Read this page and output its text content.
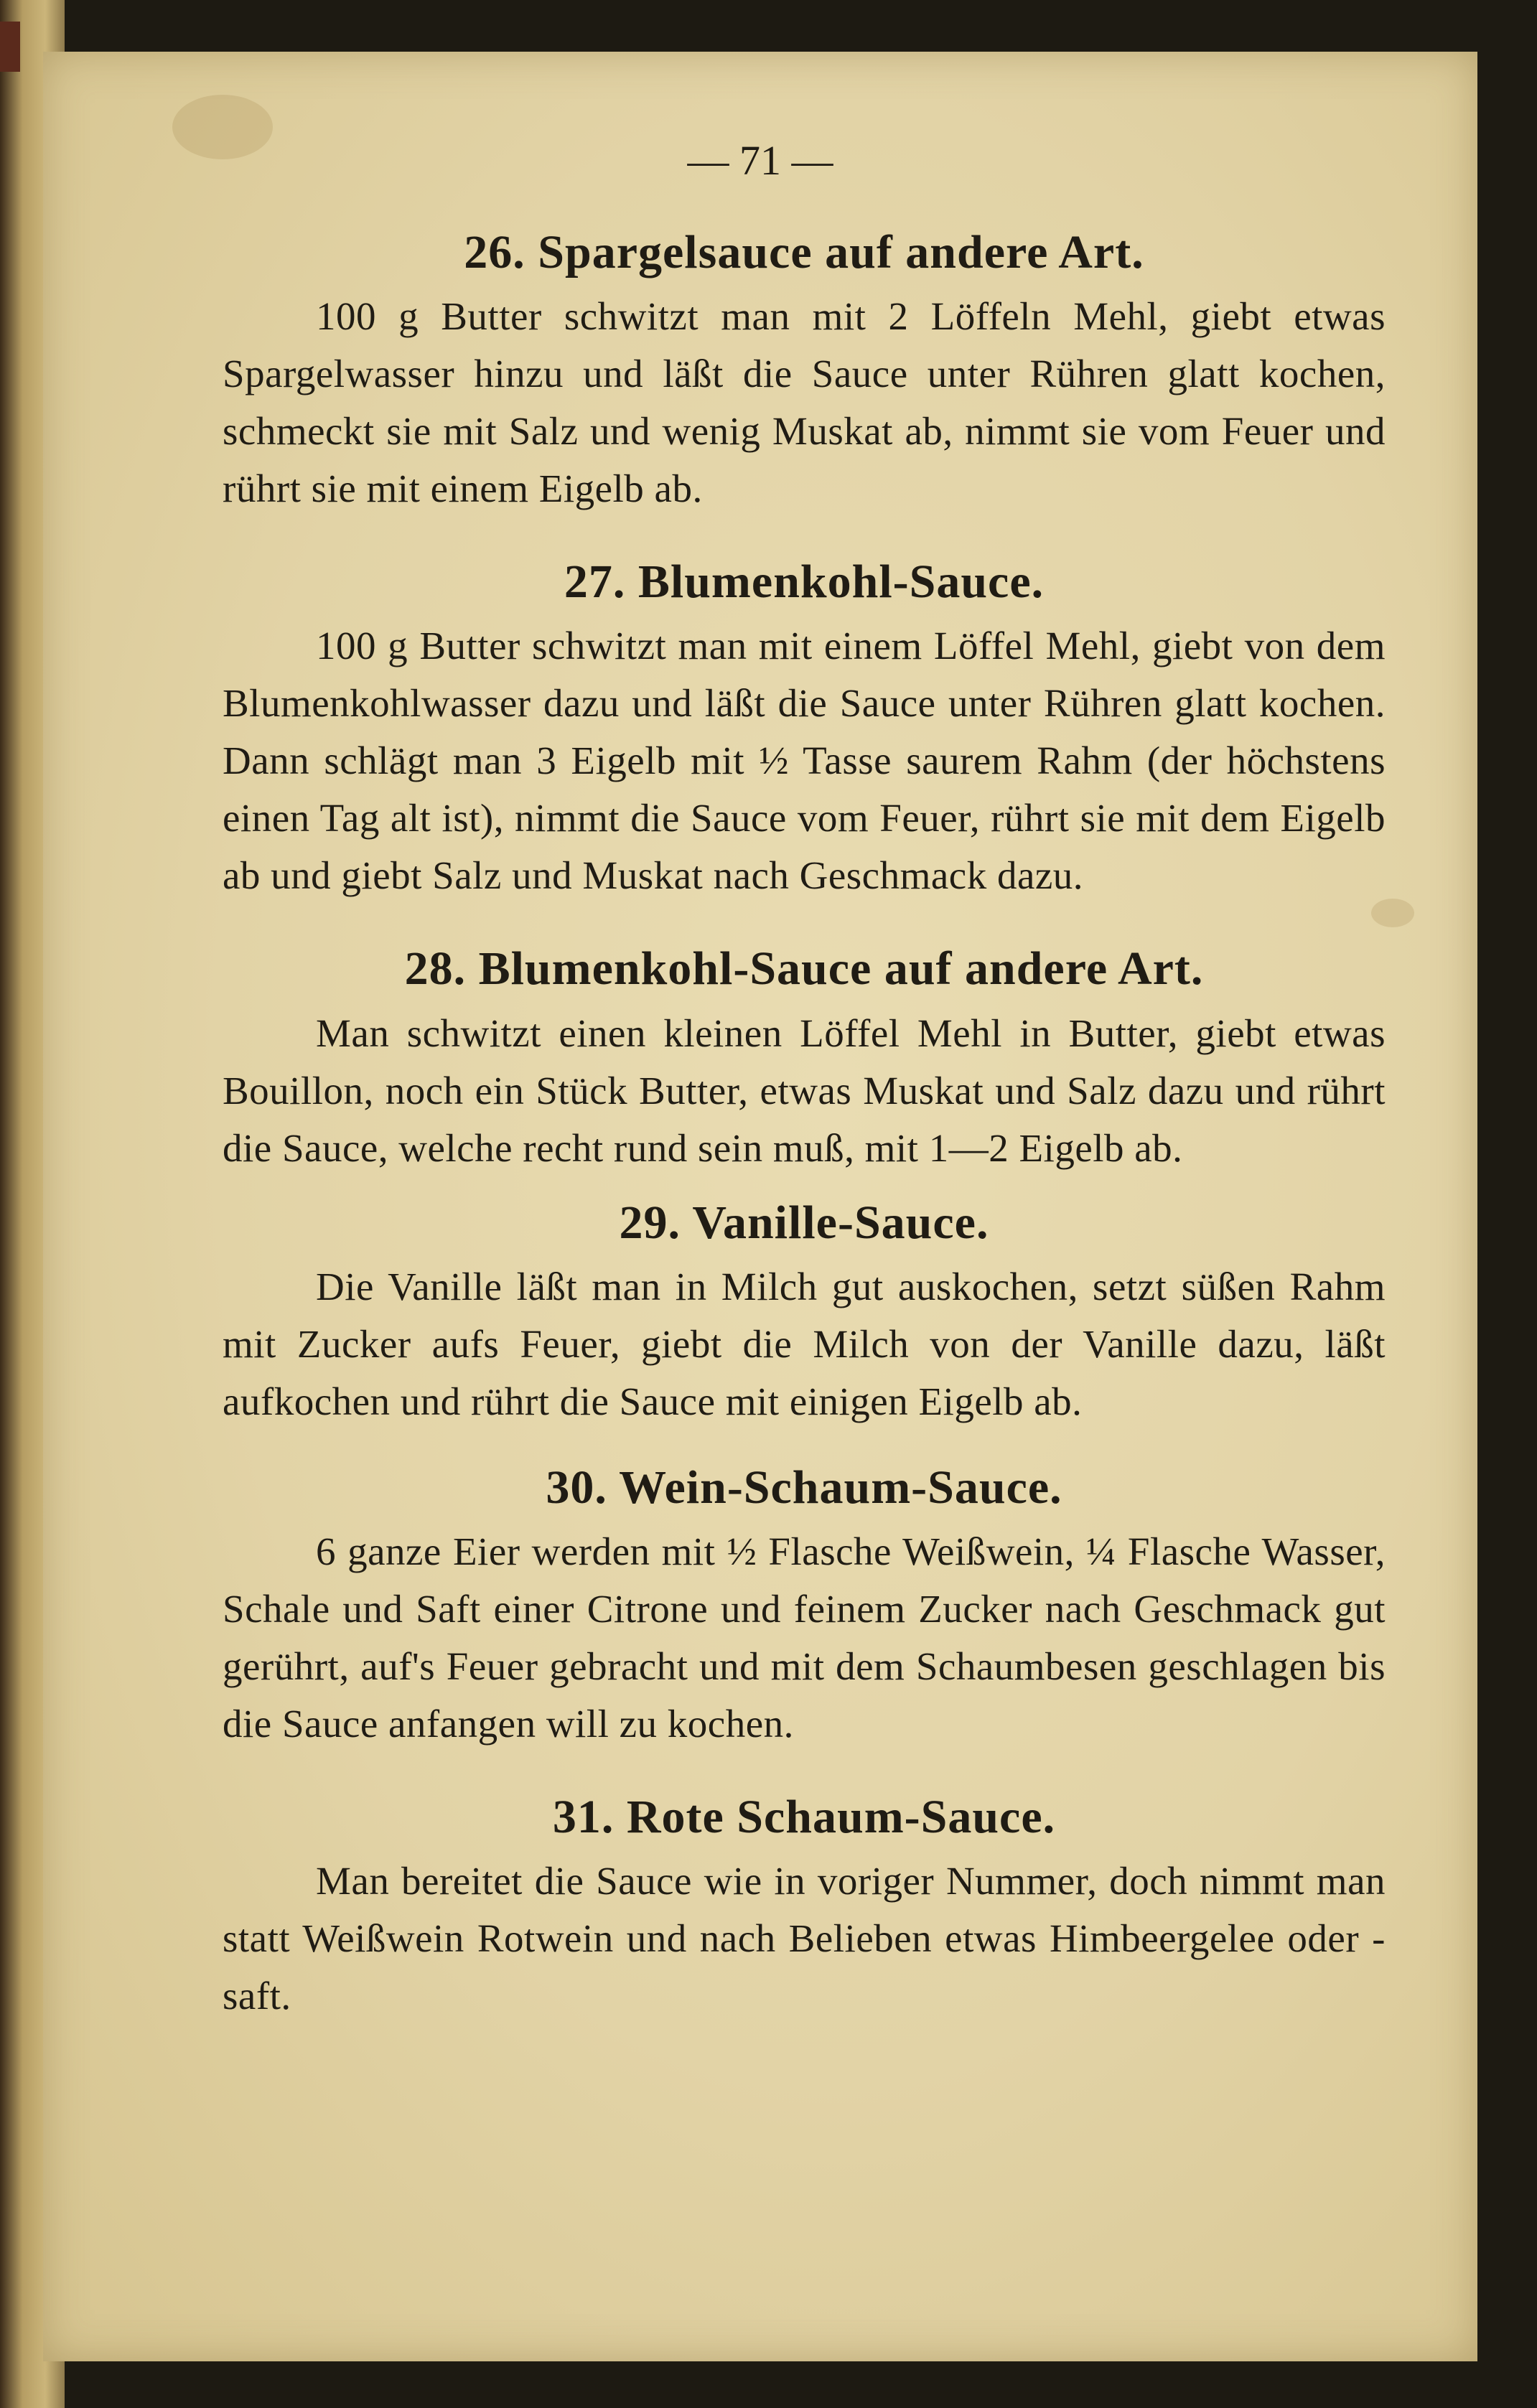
— 71 —
26. Spargelsauce auf andere Art.

100 g Butter schwitzt man mit 2 Löffeln Mehl, giebt etwas Spargelwasser hinzu und läßt die Sauce unter Rühren glatt kochen, schmeckt sie mit Salz und wenig Muskat ab, nimmt sie vom Feuer und rührt sie mit einem Eigelb ab.

27. Blumenkohl-Sauce.

100 g Butter schwitzt man mit einem Löffel Mehl, giebt von dem Blumenkohlwasser dazu und läßt die Sauce unter Rühren glatt kochen. Dann schlägt man 3 Eigelb mit ½ Tasse saurem Rahm (der höchstens einen Tag alt ist), nimmt die Sauce vom Feuer, rührt sie mit dem Eigelb ab und giebt Salz und Muskat nach Geschmack dazu.

28. Blumenkohl-Sauce auf andere Art.

Man schwitzt einen kleinen Löffel Mehl in Butter, giebt etwas Bouillon, noch ein Stück Butter, etwas Muskat und Salz dazu und rührt die Sauce, welche recht rund sein muß, mit 1—2 Eigelb ab.

29. Vanille-Sauce.

Die Vanille läßt man in Milch gut auskochen, setzt süßen Rahm mit Zucker aufs Feuer, giebt die Milch von der Vanille dazu, läßt aufkochen und rührt die Sauce mit einigen Eigelb ab.

30. Wein-Schaum-Sauce.

6 ganze Eier werden mit ½ Flasche Weißwein, ¼ Flasche Wasser, Schale und Saft einer Citrone und feinem Zucker nach Geschmack gut gerührt, auf's Feuer gebracht und mit dem Schaumbesen geschlagen bis die Sauce anfangen will zu kochen.

31. Rote Schaum-Sauce.

Man bereitet die Sauce wie in voriger Nummer, doch nimmt man statt Weißwein Rotwein und nach Belieben etwas Himbeergelee oder -saft.
